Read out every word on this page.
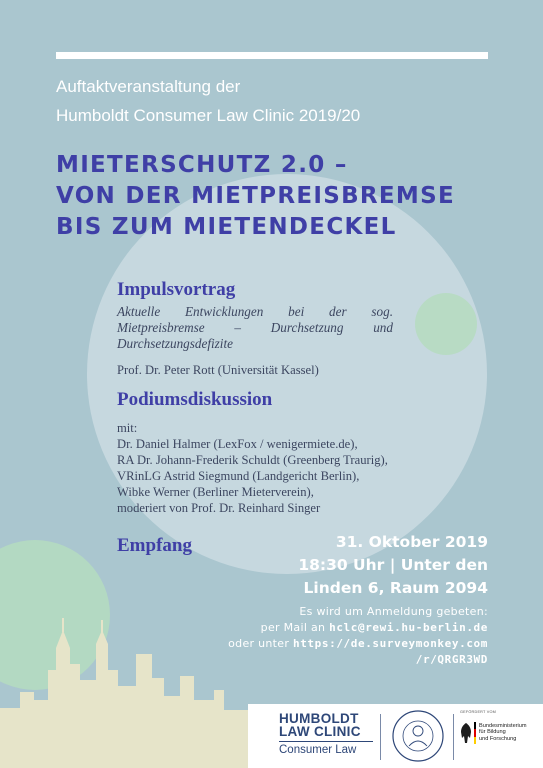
Auftaktveranstaltung der
Humboldt Consumer Law Clinic 2019/20
MIETERSCHUTZ 2.0 –
VON DER MIETPREISBREMSE
BIS ZUM MIETENDECKEL
Impulsvortrag
Aktuelle Entwicklungen bei der sog. Mietpreisbremse – Durchsetzung und Durchsetzungsdefizite
Prof. Dr. Peter Rott (Universität Kassel)
Podiumsdiskussion
mit:
Dr. Daniel Halmer (LexFox / wenigermiete.de),
RA Dr. Johann-Frederik Schuldt (Greenberg Traurig),
VRinLG Astrid Siegmund (Landgericht Berlin),
Wibke Werner (Berliner Mieterverein),
moderiert von Prof. Dr. Reinhard Singer
Empfang	31. Oktober 2019
18:30 Uhr | Unter den
Linden 6, Raum 2094
Es wird um Anmeldung gebeten:
per Mail an hclc@rewi.hu-berlin.de
oder unter https://de.surveymonkey.com
/r/QRGR3WD
HUMBOLDT
LAW CLINIC
Consumer Law
GEFÖRDERT VOM
Bundesministerium
für Bildung
und Forschung
